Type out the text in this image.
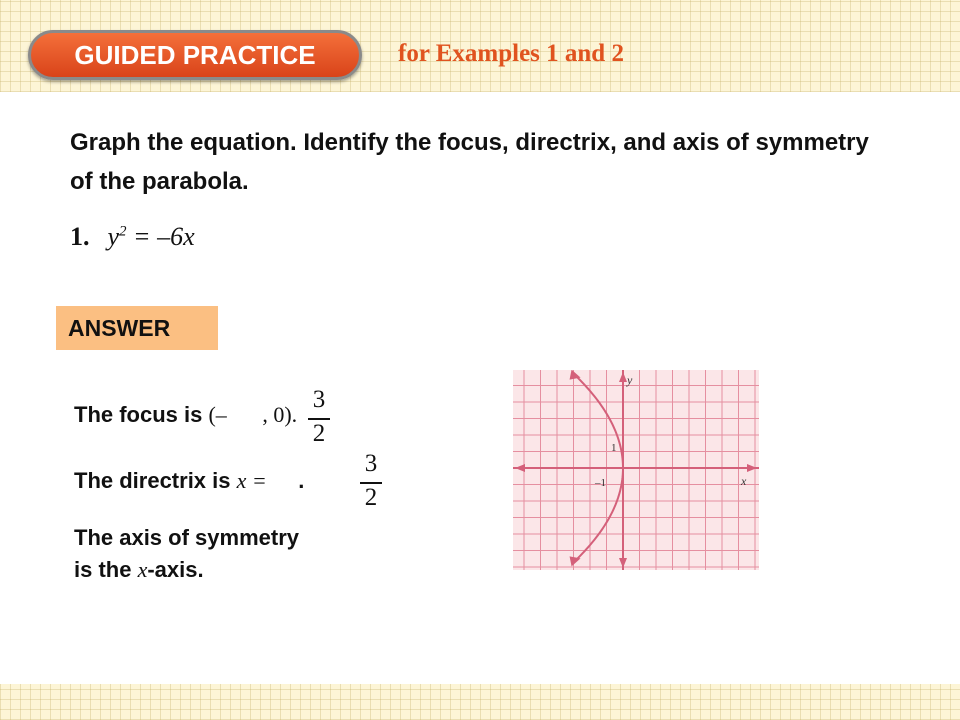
GUIDED PRACTICE	for Examples 1 and 2
Graph the equation. Identify the focus, directrix, and axis of symmetry of the parabola.
1. $y^2 = -6x$
ANSWER
The focus is (– , 0).
3
2
The directrix is x = .
3
2
The axis of symmetry
is the x-axis.
y
x
–1
1
